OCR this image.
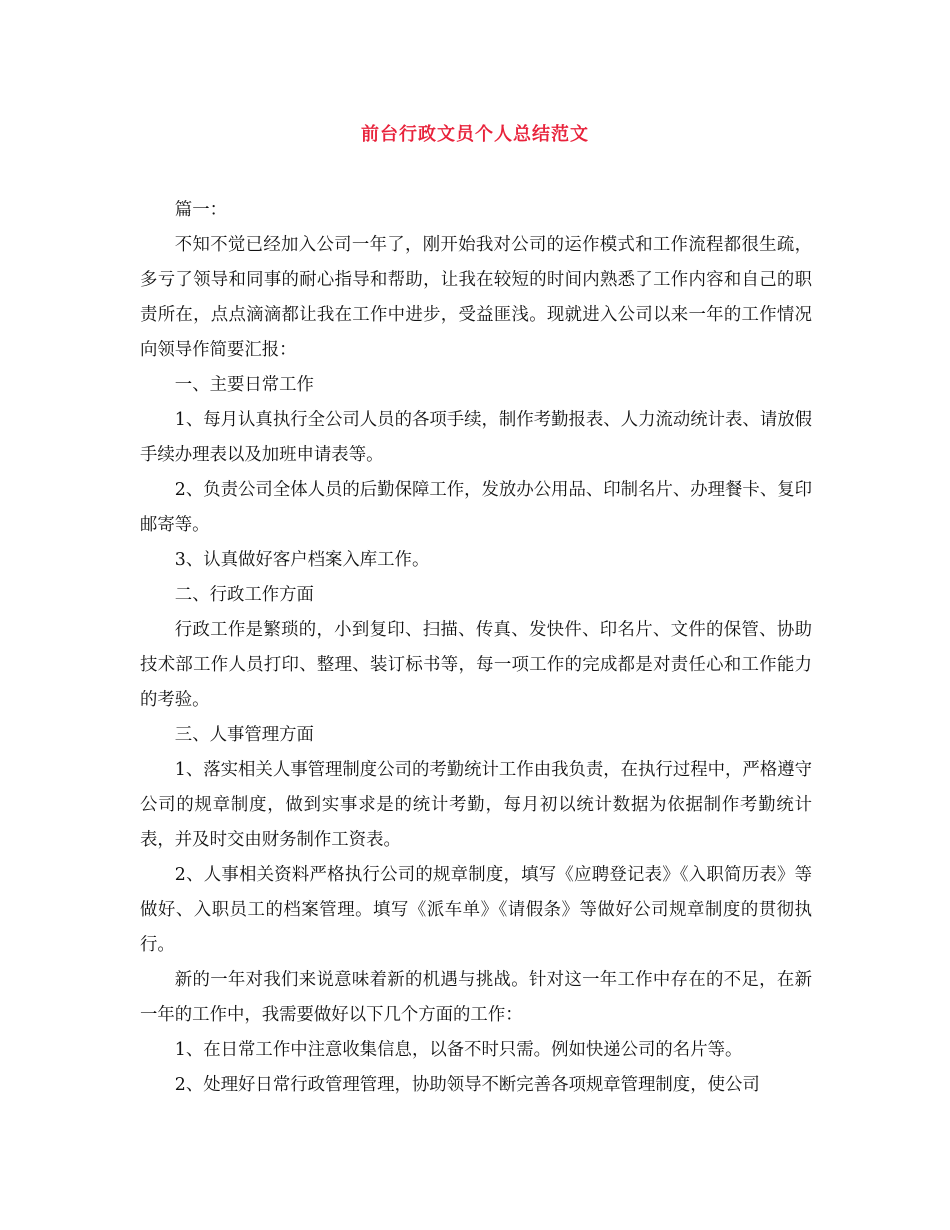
前台行政文员个人总结范文

篇一：

不知不觉已经加入公司一年了，刚开始我对公司的运作模式和工作流程都很生疏，多亏了领导和同事的耐心指导和帮助，让我在较短的时间内熟悉了工作内容和自己的职责所在，点点滴滴都让我在工作中进步，受益匪浅。现就进入公司以来一年的工作情况向领导作简要汇报：

一、主要日常工作

1、每月认真执行全公司人员的各项手续，制作考勤报表、人力流动统计表、请放假手续办理表以及加班申请表等。

2、负责公司全体人员的后勤保障工作，发放办公用品、印制名片、办理餐卡、复印邮寄等。

3、认真做好客户档案入库工作。

二、行政工作方面

行政工作是繁琐的，小到复印、扫描、传真、发快件、印名片、文件的保管、协助技术部工作人员打印、整理、装订标书等，每一项工作的完成都是对责任心和工作能力的考验。

三、人事管理方面

1、落实相关人事管理制度公司的考勤统计工作由我负责，在执行过程中，严格遵守公司的规章制度，做到实事求是的统计考勤，每月初以统计数据为依据制作考勤统计表，并及时交由财务制作工资表。

2、人事相关资料严格执行公司的规章制度，填写《应聘登记表》《入职简历表》等做好、入职员工的档案管理。填写《派车单》《请假条》等做好公司规章制度的贯彻执行。

新的一年对我们来说意味着新的机遇与挑战。针对这一年工作中存在的不足，在新一年的工作中，我需要做好以下几个方面的工作：

1、在日常工作中注意收集信息，以备不时只需。例如快递公司的名片等。

2、处理好日常行政管理管理，协助领导不断完善各项规章管理制度，使公司
